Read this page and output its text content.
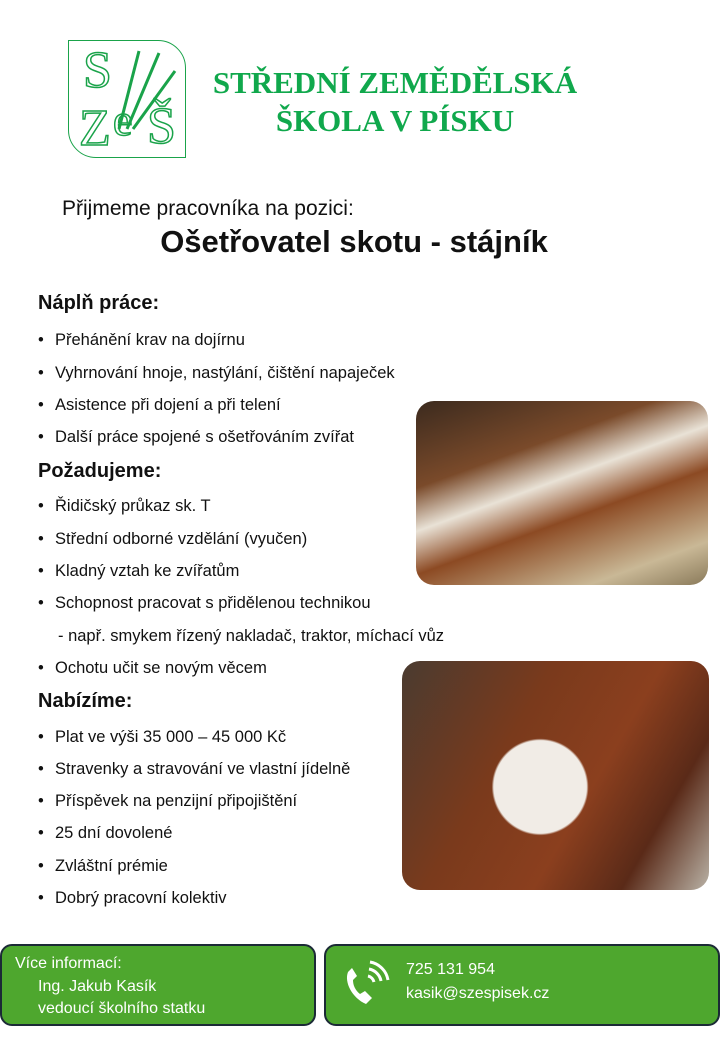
S
Z e Š
STŘEDNÍ ZEMĚDĚLSKÁ
ŠKOLA V PÍSKU
Přijmeme pracovníka na pozici:
Ošetřovatel skotu - stájník
Náplň práce:
• Přehánění krav na dojírnu
• Vyhrnování hnoje, nastýlání, čištění napaječek
• Asistence při dojení a při telení
• Další práce spojené s ošetřováním zvířat
Požadujeme:
• Řidičský průkaz sk. T
• Střední odborné vzdělání (vyučen)
• Kladný vztah ke zvířatům
• Schopnost pracovat s přidělenou technikou
- např. smykem řízený nakladač, traktor, míchací vůz
• Ochotu učit se novým věcem
Nabízíme:
• Plat ve výši 35 000 – 45 000 Kč
• Stravenky a stravování ve vlastní jídelně
• Příspěvek na penzijní připojištění
• 25 dní dovolené
• Zvláštní prémie
• Dobrý pracovní kolektiv
Více informací:
Ing. Jakub Kasík
vedoucí školního statku
725 131 954
kasik@szespisek.cz
